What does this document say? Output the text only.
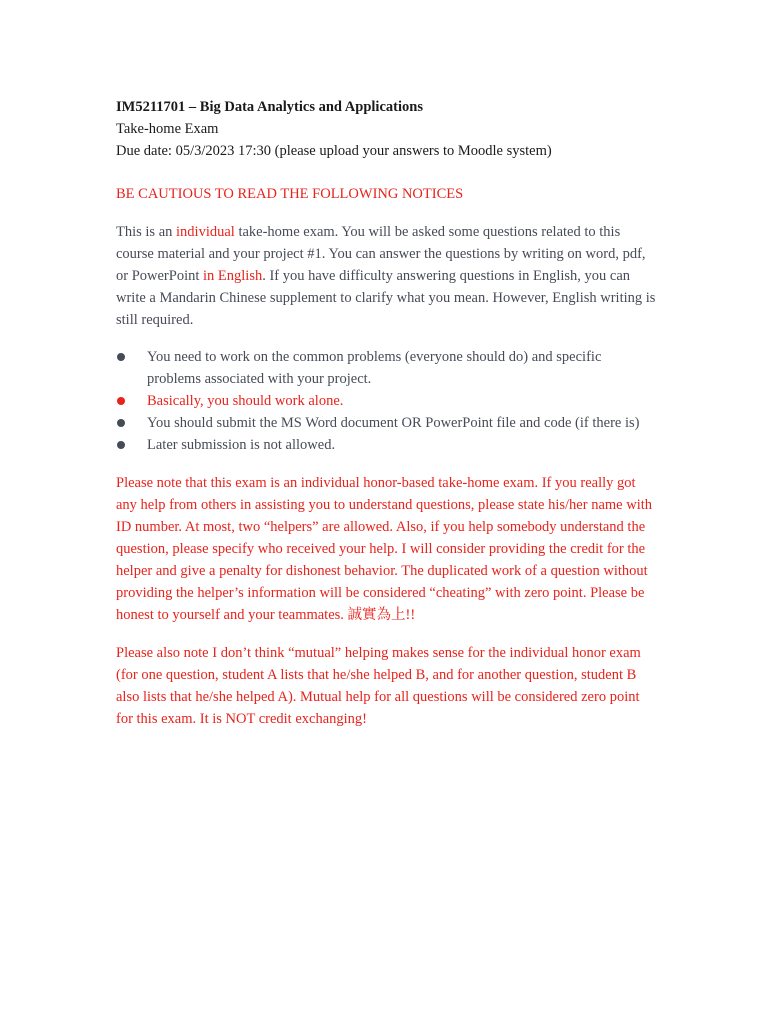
IM5211701 – Big Data Analytics and Applications

Take-home Exam

Due date: 05/3/2023 17:30 (please upload your answers to Moodle system)

BE CAUTIOUS TO READ THE FOLLOWING NOTICES
This is an individual take-home exam. You will be asked some questions related to this course material and your project #1. You can answer the questions by writing on word, pdf, or PowerPoint in English. If you have difficulty answering questions in English, you can write a Mandarin Chinese supplement to clarify what you mean. However, English writing is still required.
You need to work on the common problems (everyone should do) and specific problems associated with your project.
Basically, you should work alone.
You should submit the MS Word document OR PowerPoint file and code (if there is)
Later submission is not allowed.
Please note that this exam is an individual honor-based take-home exam. If you really got any help from others in assisting you to understand questions, please state his/her name with ID number. At most, two “helpers” are allowed. Also, if you help somebody understand the question, please specify who received your help. I will consider providing the credit for the helper and give a penalty for dishonest behavior. The duplicated work of a question without providing the helper’s information will be considered “cheating” with zero point. Please be honest to yourself and your teammates. 誠實為上!!
Please also note I don’t think “mutual” helping makes sense for the individual honor exam (for one question, student A lists that he/she helped B, and for another question, student B also lists that he/she helped A). Mutual help for all questions will be considered zero point for this exam. It is NOT credit exchanging!
